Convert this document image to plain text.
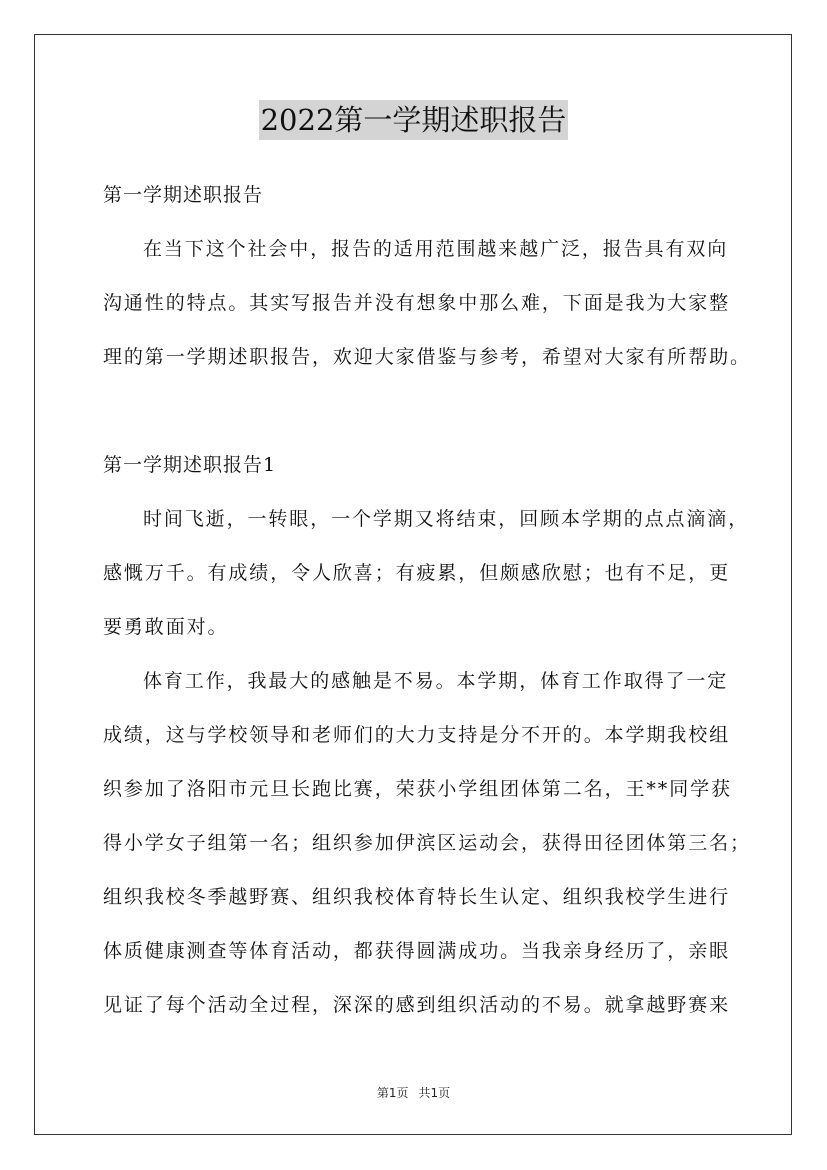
2022第一学期述职报告
第一学期述职报告
在当下这个社会中，报告的适用范围越来越广泛，报告具有双向
沟通性的特点。其实写报告并没有想象中那么难，下面是我为大家整
理的第一学期述职报告，欢迎大家借鉴与参考，希望对大家有所帮助。
第一学期述职报告1
时间飞逝，一转眼，一个学期又将结束，回顾本学期的点点滴滴，
感慨万千。有成绩，令人欣喜；有疲累，但颇感欣慰；也有不足，更
要勇敢面对。
体育工作，我最大的感触是不易。本学期，体育工作取得了一定
成绩，这与学校领导和老师们的大力支持是分不开的。本学期我校组
织参加了洛阳市元旦长跑比赛，荣获小学组团体第二名，王**同学获
得小学女子组第一名；组织参加伊滨区运动会，获得田径团体第三名；
组织我校冬季越野赛、组织我校体育特长生认定、组织我校学生进行
体质健康测查等体育活动，都获得圆满成功。当我亲身经历了，亲眼
见证了每个活动全过程，深深的感到组织活动的不易。就拿越野赛来
第1页 共1页
